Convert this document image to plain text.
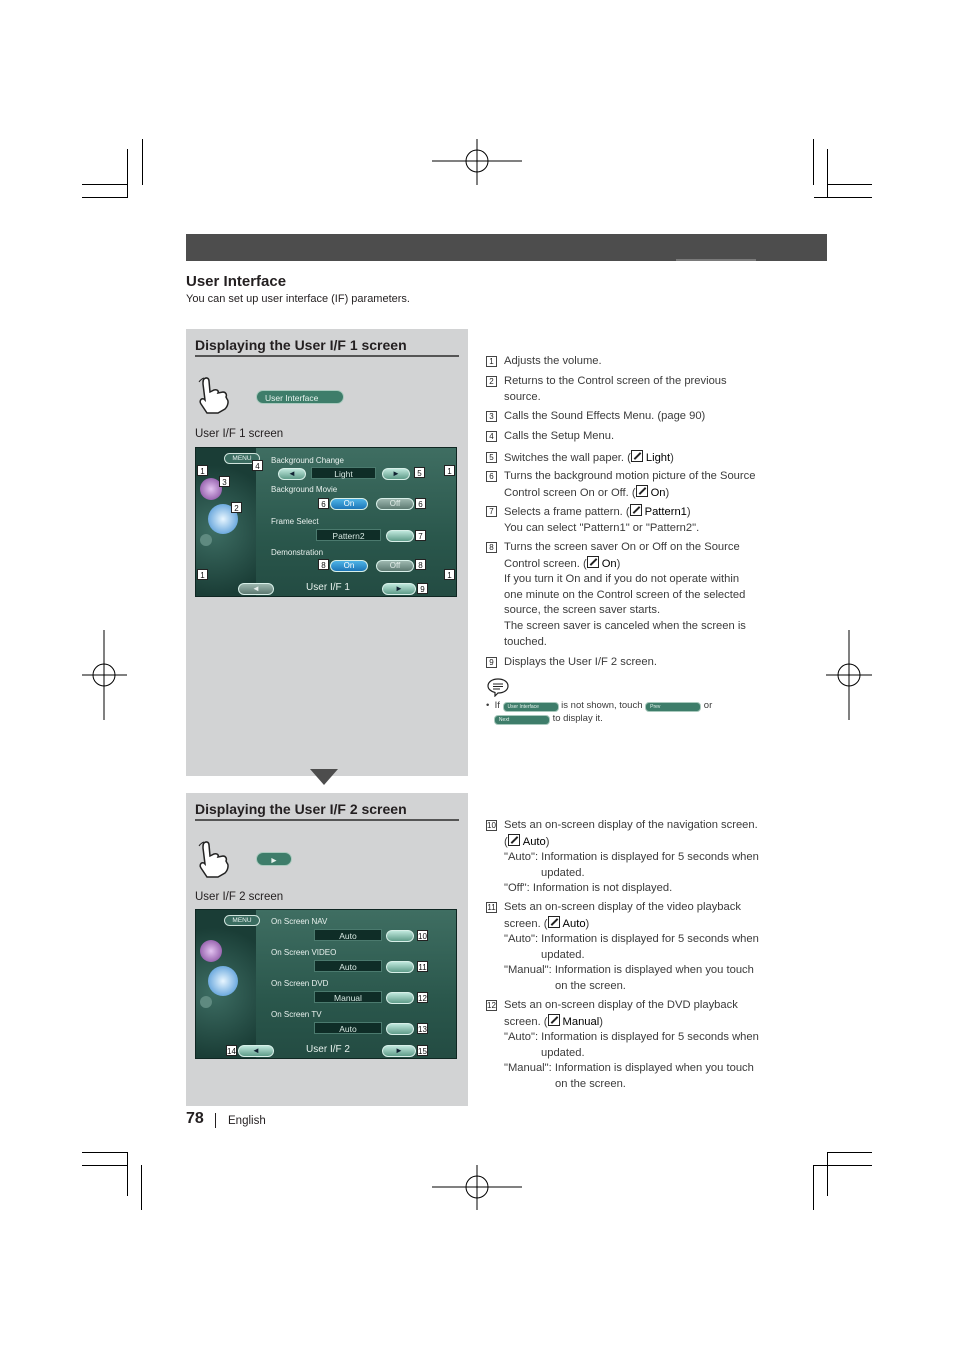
User Interface
You can set up user interface (IF) parameters.
Displaying the User I/F 1 screen
User Interface
User I/F 1 screen
MENU	Background Change
◄	Light	►
Background Movie
On	Off
Frame Select
Pattern2
Demonstration
On	Off
◄	User I/F 1	►
1	1
1	1
2
3
4
5
6	6
7
8	8
9
1 Adjusts the volume.
2 Returns to the Control screen of the previous
source.
3 Calls the Sound Effects Menu. (page 90)
4 Calls the Setup Menu.
5 Switches the wall paper. ( Light)
6 Turns the background motion picture of the Source
Control screen On or Off. ( On)
7 Selects a frame pattern. ( Pattern1)
You can select "Pattern1" or "Pattern2".
8 Turns the screen saver On or Off on the Source
Control screen. ( On)
If you turn it On and if you do not operate within
one minute on the Control screen of the selected
source, the screen saver starts.
The screen saver is canceled when the screen is
touched.
9 Displays the User I/F 2 screen.
• If User Interface is not shown, touch Prev	or
Next	to display it.
Displaying the User I/F 2 screen
►
User I/F 2 screen
MENU	On Screen NAV
Auto
On Screen VIDEO
Auto
On Screen DVD
Manual
On Screen TV
Auto
◄	User I/F 2	►
10
11
12
13
14	15
10 Sets an on-screen display of the navigation screen.
( Auto)
"Auto": Information is displayed for 5 seconds when
updated.
"Off": Information is not displayed.
11 Sets an on-screen display of the video playback
screen. ( Auto)
"Auto": Information is displayed for 5 seconds when
updated.
"Manual": Information is displayed when you touch
on the screen.
12 Sets an on-screen display of the DVD playback
screen. ( Manual)
"Auto": Information is displayed for 5 seconds when
updated.
"Manual": Information is displayed when you touch
on the screen.
78 English
